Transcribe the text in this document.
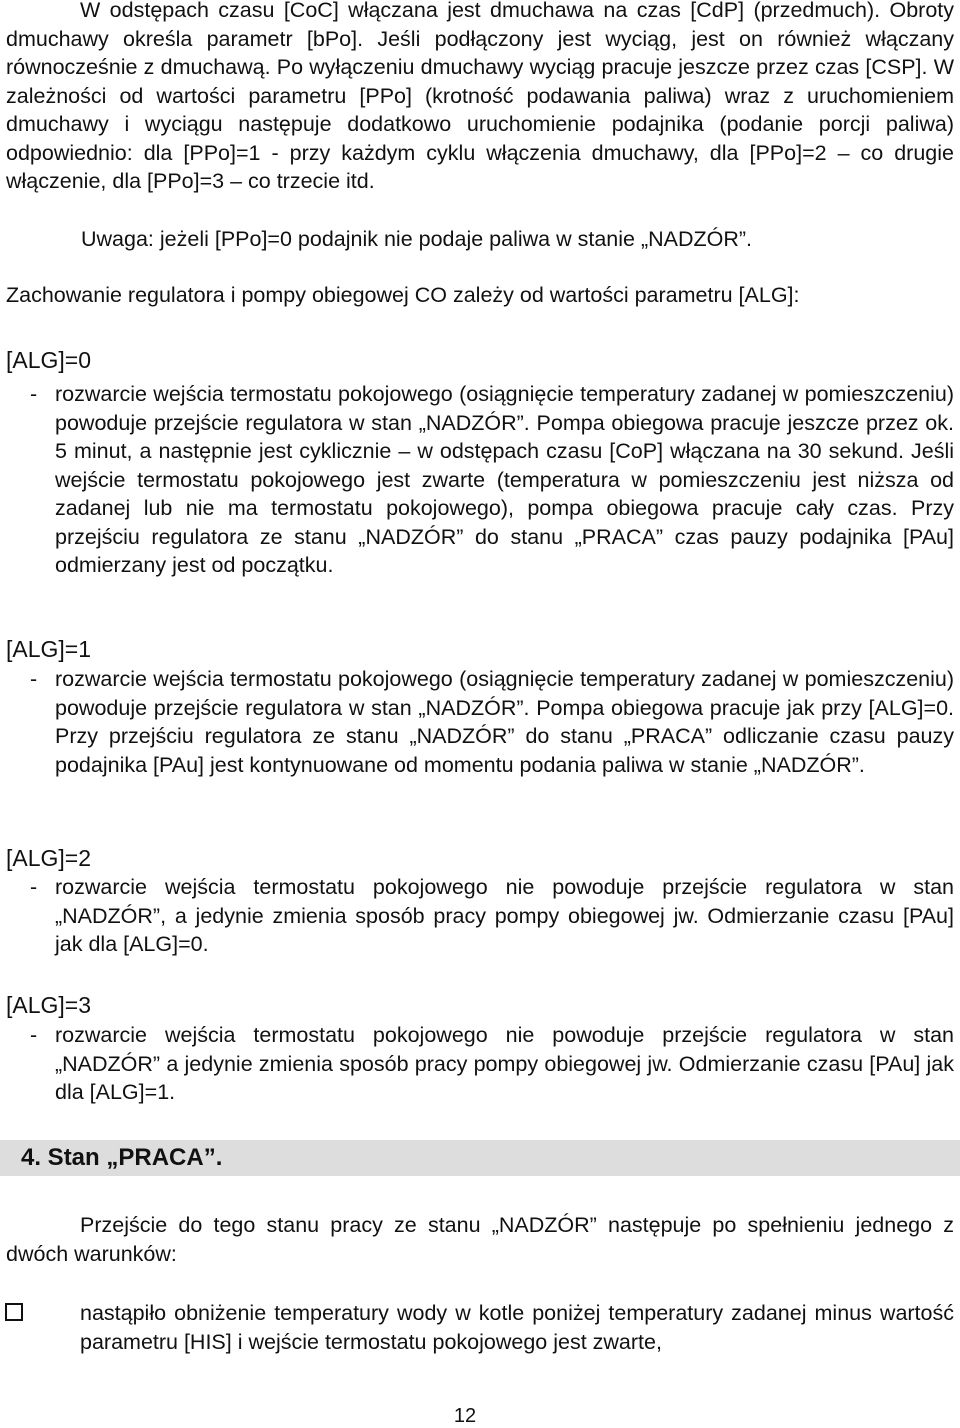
W odstępach czasu [CoC] włączana jest dmuchawa na czas [CdP] (przedmuch). Obroty dmuchawy określa parametr [bPo]. Jeśli podłączony jest wyciąg, jest on również włączany równocześnie z dmuchawą. Po wyłączeniu dmuchawy wyciąg pracuje jeszcze przez czas [CSP]. W zależności od wartości parametru [PPo] (krotność podawania paliwa) wraz z uruchomieniem dmuchawy i wyciągu następuje dodatkowo uruchomienie podajnika (podanie porcji paliwa) odpowiednio: dla [PPo]=1 - przy każdym cyklu włączenia dmuchawy, dla [PPo]=2 – co drugie włączenie, dla [PPo]=3 – co trzecie itd.

Uwaga: jeżeli [PPo]=0 podajnik nie podaje paliwa w stanie „NADZÓR”.
Zachowanie regulatora i pompy obiegowej CO zależy od wartości parametru [ALG]:
[ALG]=0
- rozwarcie wejścia termostatu pokojowego (osiągnięcie temperatury zadanej w pomieszczeniu) powoduje przejście regulatora w stan „NADZÓR”. Pompa obiegowa pracuje jeszcze przez ok. 5 minut, a następnie jest cyklicznie – w odstępach czasu [CoP] włączana na 30 sekund. Jeśli wejście termostatu pokojowego jest zwarte (temperatura w pomieszczeniu jest niższa od zadanej lub nie ma termostatu pokojowego), pompa obiegowa pracuje cały czas. Przy przejściu regulatora ze stanu „NADZÓR” do stanu „PRACA” czas pauzy podajnika [PAu] odmierzany jest od początku.

[ALG]=1
- rozwarcie wejścia termostatu pokojowego (osiągnięcie temperatury zadanej w pomieszczeniu) powoduje przejście regulatora w stan „NADZÓR”. Pompa obiegowa pracuje jak przy [ALG]=0. Przy przejściu regulatora ze stanu „NADZÓR” do stanu „PRACA” odliczanie czasu pauzy podajnika [PAu] jest kontynuowane od momentu podania paliwa w stanie „NADZÓR”.

[ALG]=2
- rozwarcie wejścia termostatu pokojowego nie powoduje przejście regulatora w stan „NADZÓR”, a jedynie zmienia sposób pracy pompy obiegowej jw. Odmierzanie czasu [PAu] jak dla [ALG]=0.

[ALG]=3
- rozwarcie wejścia termostatu pokojowego nie powoduje przejście regulatora w stan „NADZÓR” a jedynie zmienia sposób pracy pompy obiegowej jw. Odmierzanie czasu [PAu] jak dla [ALG]=1.

4. Stan „PRACA”.

Przejście do tego stanu pracy ze stanu „NADZÓR” następuje po spełnieniu jednego z dwóch warunków:

nastąpiło obniżenie temperatury wody w kotle poniżej temperatury zadanej minus wartość parametru [HIS] i wejście termostatu pokojowego jest zwarte,

12
